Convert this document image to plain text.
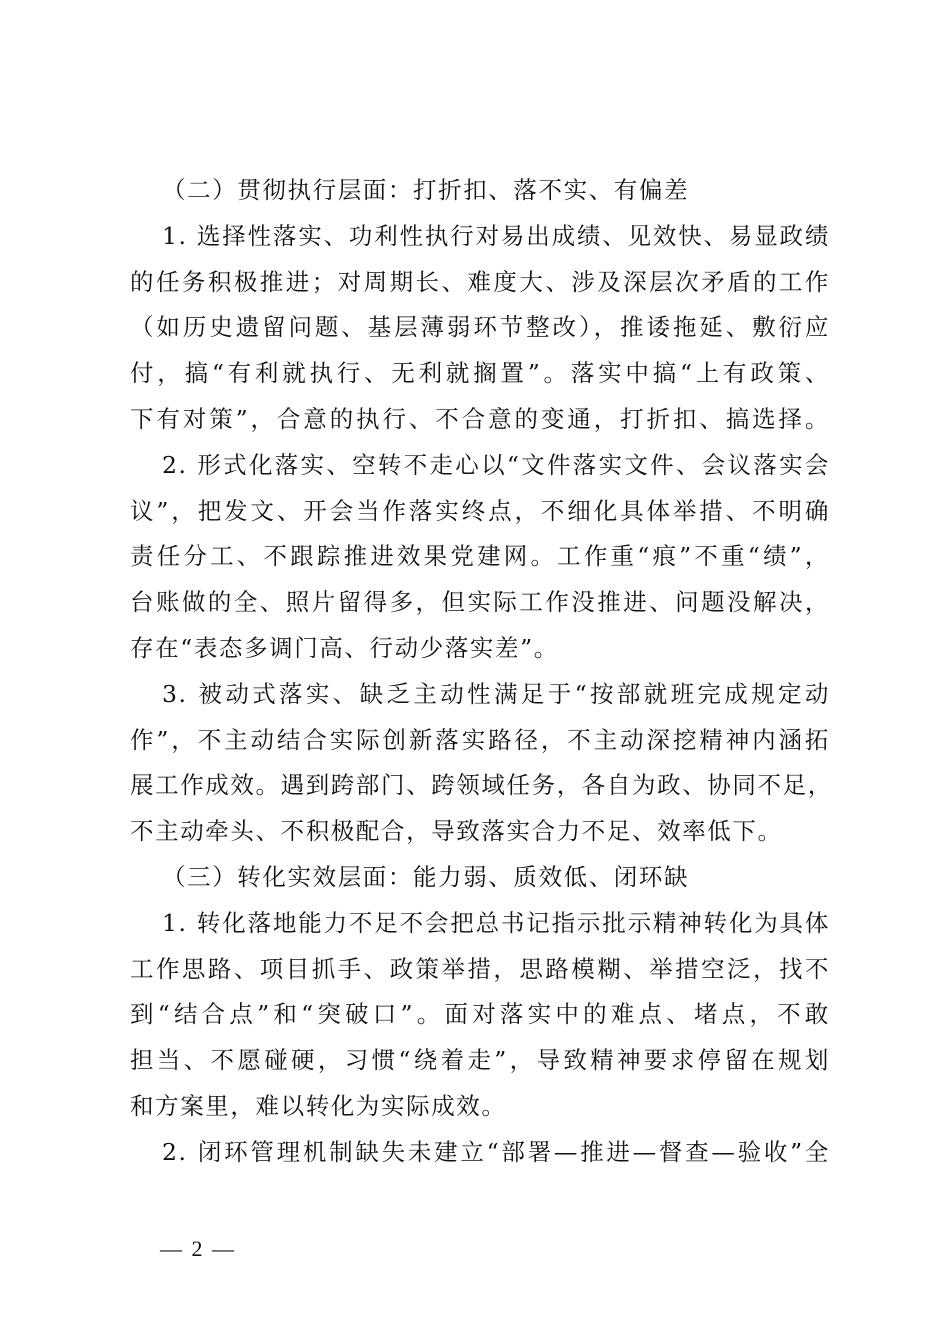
（二）贯彻执行层面：打折扣、落不实、有偏差
1. 选择性落实、功利性执行对易出成绩、见效快、易显政绩
的任务积极推进；对周期长、难度大、涉及深层次矛盾的工作
（如历史遗留问题、基层薄弱环节整改），推诿拖延、敷衍应
付，搞“有利就执行、无利就搁置”。落实中搞“上有政策、
下有对策”，合意的执行、不合意的变通，打折扣、搞选择。
2. 形式化落实、空转不走心以“文件落实文件、会议落实会
议”，把发文、开会当作落实终点，不细化具体举措、不明确
责任分工、不跟踪推进效果党建网。工作重“痕”不重“绩”，
台账做的全、照片留得多，但实际工作没推进、问题没解决，
存在“表态多调门高、行动少落实差”。
3. 被动式落实、缺乏主动性满足于“按部就班完成规定动
作”，不主动结合实际创新落实路径，不主动深挖精神内涵拓
展工作成效。遇到跨部门、跨领域任务，各自为政、协同不足，
不主动牵头、不积极配合，导致落实合力不足、效率低下。
（三）转化实效层面：能力弱、质效低、闭环缺
1. 转化落地能力不足不会把总书记指示批示精神转化为具体
工作思路、项目抓手、政策举措，思路模糊、举措空泛，找不
到“结合点”和“突破口”。面对落实中的难点、堵点，不敢
担当、不愿碰硬，习惯“绕着走”，导致精神要求停留在规划
和方案里，难以转化为实际成效。
2. 闭环管理机制缺失未建立“部署—推进—督查—验收”全
— 2 —
